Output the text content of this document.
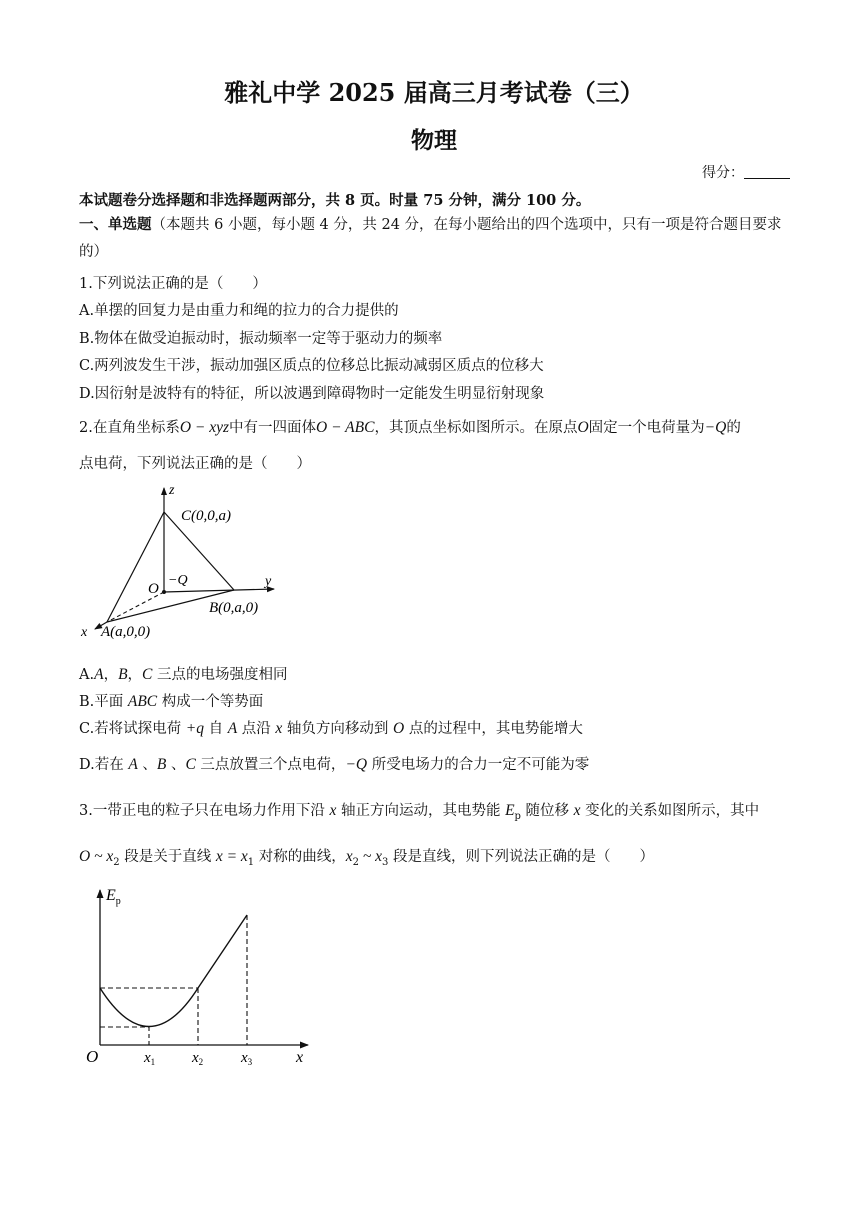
雅礼中学 2025 届高三月考试卷（三）
物理
得分：
本试题卷分选择题和非选择题两部分，共 8 页。时量 75 分钟，满分 100 分。
一、单选题（本题共 6 小题，每小题 4 分，共 24 分，在每小题给出的四个选项中，只有一项是符合题目要求的）
1.下列说法正确的是（　　）
A.单摆的回复力是由重力和绳的拉力的合力提供的
B.物体在做受迫振动时，振动频率一定等于驱动力的频率
C.两列波发生干涉，振动加强区质点的位移总比振动减弱区质点的位移大
D.因衍射是波特有的特征，所以波遇到障碍物时一定能发生明显衍射现象
2.在直角坐标系O − xyz中有一四面体O − ABC，其顶点坐标如图所示。在原点O固定一个电荷量为−Q的
点电荷，下列说法正确的是（　　）
z
y
x
C(0,0,a)
B(0,a,0)
A(a,0,0)
O
−Q
A.A，B，C 三点的电场强度相同
B.平面 ABC 构成一个等势面
C.若将试探电荷 +q 自 A 点沿 x 轴负方向移动到 O 点的过程中，其电势能增大
D.若在 A 、B 、C 三点放置三个点电荷，−Q 所受电场力的合力一定不可能为零
3.一带正电的粒子只在电场力作用下沿 x 轴正方向运动，其电势能 $E_p$ 随位移 x 变化的关系如图所示，其中
O ~ $x_2$ 段是关于直线 $x = x_1$ 对称的曲线，$x_2$ ~ $x_3$ 段是直线，则下列说法正确的是（　　）
$E_p$
O	x
$x_1$ $x_2$	$x_3$
